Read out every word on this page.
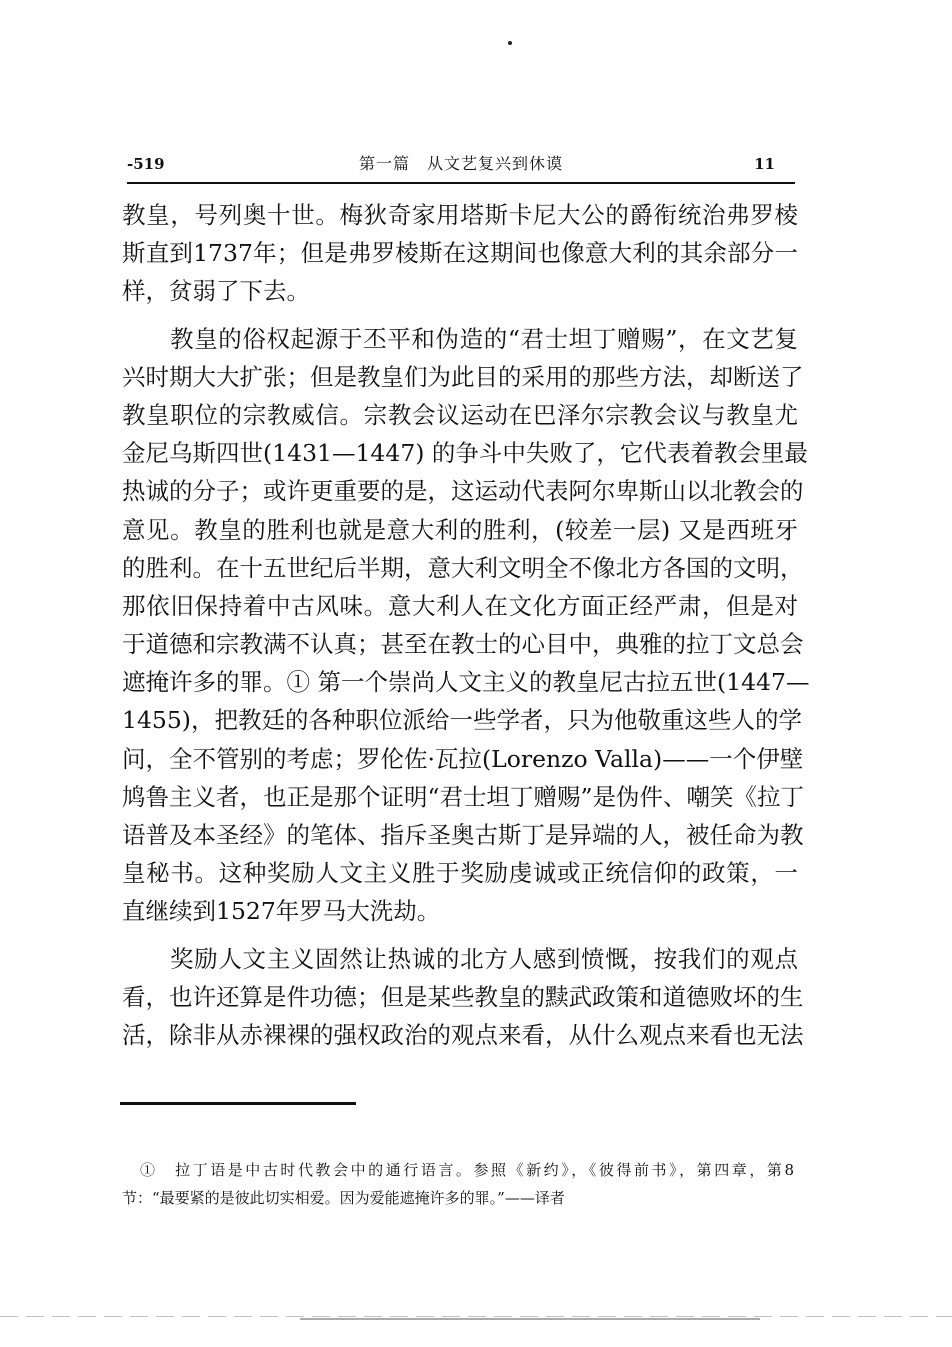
-519	第一篇　从文艺复兴到休谟	11
教皇，号列奥十世。梅狄奇家用塔斯卡尼大公的爵衔统治弗罗棱
斯直到1737年；但是弗罗棱斯在这期间也像意大利的其余部分一
样，贫弱了下去。
教皇的俗权起源于丕平和伪造的“君士坦丁赠赐”，在文艺复
兴时期大大扩张；但是教皇们为此目的采用的那些方法，却断送了
教皇职位的宗教威信。宗教会议运动在巴泽尔宗教会议与教皇尤
金尼乌斯四世(1431—1447) 的争斗中失败了，它代表着教会里最
热诚的分子；或许更重要的是，这运动代表阿尔卑斯山以北教会的
意见。教皇的胜利也就是意大利的胜利，(较差一层) 又是西班牙
的胜利。在十五世纪后半期，意大利文明全不像北方各国的文明，
那依旧保持着中古风味。意大利人在文化方面正经严肃，但是对
于道德和宗教满不认真；甚至在教士的心目中，典雅的拉丁文总会
遮掩许多的罪。① 第一个崇尚人文主义的教皇尼古拉五世(1447—
1455)，把教廷的各种职位派给一些学者，只为他敬重这些人的学
问，全不管别的考虑；罗伦佐·瓦拉(Lorenzo Valla)——一个伊壁
鸠鲁主义者，也正是那个证明“君士坦丁赠赐”是伪件、嘲笑《拉丁
语普及本圣经》的笔体、指斥圣奥古斯丁是异端的人，被任命为教
皇秘书。这种奖励人文主义胜于奖励虔诚或正统信仰的政策，一
直继续到1527年罗马大洗劫。
奖励人文主义固然让热诚的北方人感到愤慨，按我们的观点
看，也许还算是件功德；但是某些教皇的黩武政策和道德败坏的生
活，除非从赤裸裸的强权政治的观点来看，从什么观点来看也无法
①　拉丁语是中古时代教会中的通行语言。参照《新约》，《彼得前书》，第四章，第8
节：“最要紧的是彼此切实相爱。因为爱能遮掩许多的罪。”——译者
